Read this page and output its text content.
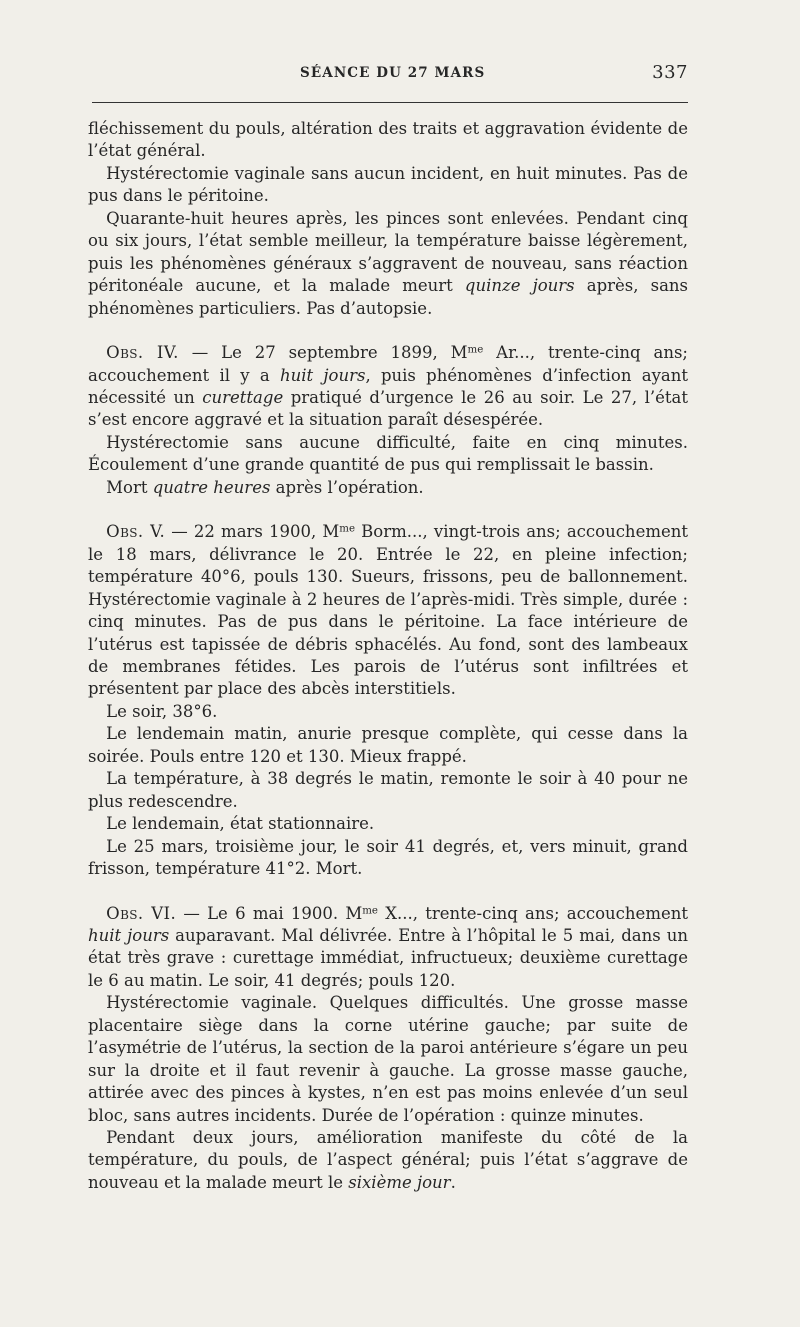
SÉANCE DU 27 MARS	337

fléchissement du pouls, altération des traits et aggravation évidente de l’état général.

Hystérectomie vaginale sans aucun incident, en huit minutes. Pas de pus dans le péritoine.

Quarante-huit heures après, les pinces sont enlevées. Pendant cinq ou six jours, l’état semble meilleur, la température baisse légèrement, puis les phénomènes généraux s’aggravent de nouveau, sans réaction péritonéale aucune, et la malade meurt quinze jours après, sans phénomènes particuliers. Pas d’autopsie.

Obs. IV. — Le 27 septembre 1899, $M^{me}$ Ar..., trente-cinq ans; accouchement il y a huit jours, puis phénomènes d’infection ayant nécessité un curettage pratiqué d’urgence le 26 au soir. Le 27, l’état s’est encore aggravé et la situation paraît désespérée.

Hystérectomie sans aucune difficulté, faite en cinq minutes. Écoulement d’une grande quantité de pus qui remplissait le bassin.

Mort quatre heures après l’opération.

Obs. V. — 22 mars 1900, $M^{me}$ Borm..., vingt-trois ans; accouchement le 18 mars, délivrance le 20. Entrée le 22, en pleine infection; température 40°6, pouls 130. Sueurs, frissons, peu de ballonnement. Hystérectomie vaginale à 2 heures de l’après-midi. Très simple, durée : cinq minutes. Pas de pus dans le péritoine. La face intérieure de l’utérus est tapissée de débris sphacélés. Au fond, sont des lambeaux de membranes fétides. Les parois de l’utérus sont infiltrées et présentent par place des abcès interstitiels.

Le soir, 38°6.

Le lendemain matin, anurie presque complète, qui cesse dans la soirée. Pouls entre 120 et 130. Mieux frappé.

La température, à 38 degrés le matin, remonte le soir à 40 pour ne plus redescendre.

Le lendemain, état stationnaire.

Le 25 mars, troisième jour, le soir 41 degrés, et, vers minuit, grand frisson, température 41°2. Mort.

Obs. VI. — Le 6 mai 1900. $M^{me}$ X..., trente-cinq ans; accouchement huit jours auparavant. Mal délivrée. Entre à l’hôpital le 5 mai, dans un état très grave : curettage immédiat, infructueux; deuxième curettage le 6 au matin. Le soir, 41 degrés; pouls 120.

Hystérectomie vaginale. Quelques difficultés. Une grosse masse placentaire siège dans la corne utérine gauche; par suite de l’asymétrie de l’utérus, la section de la paroi antérieure s’égare un peu sur la droite et il faut revenir à gauche. La grosse masse gauche, attirée avec des pinces à kystes, n’en est pas moins enlevée d’un seul bloc, sans autres incidents. Durée de l’opération : quinze minutes.

Pendant deux jours, amélioration manifeste du côté de la température, du pouls, de l’aspect général; puis l’état s’aggrave de nouveau et la malade meurt le sixième jour.
